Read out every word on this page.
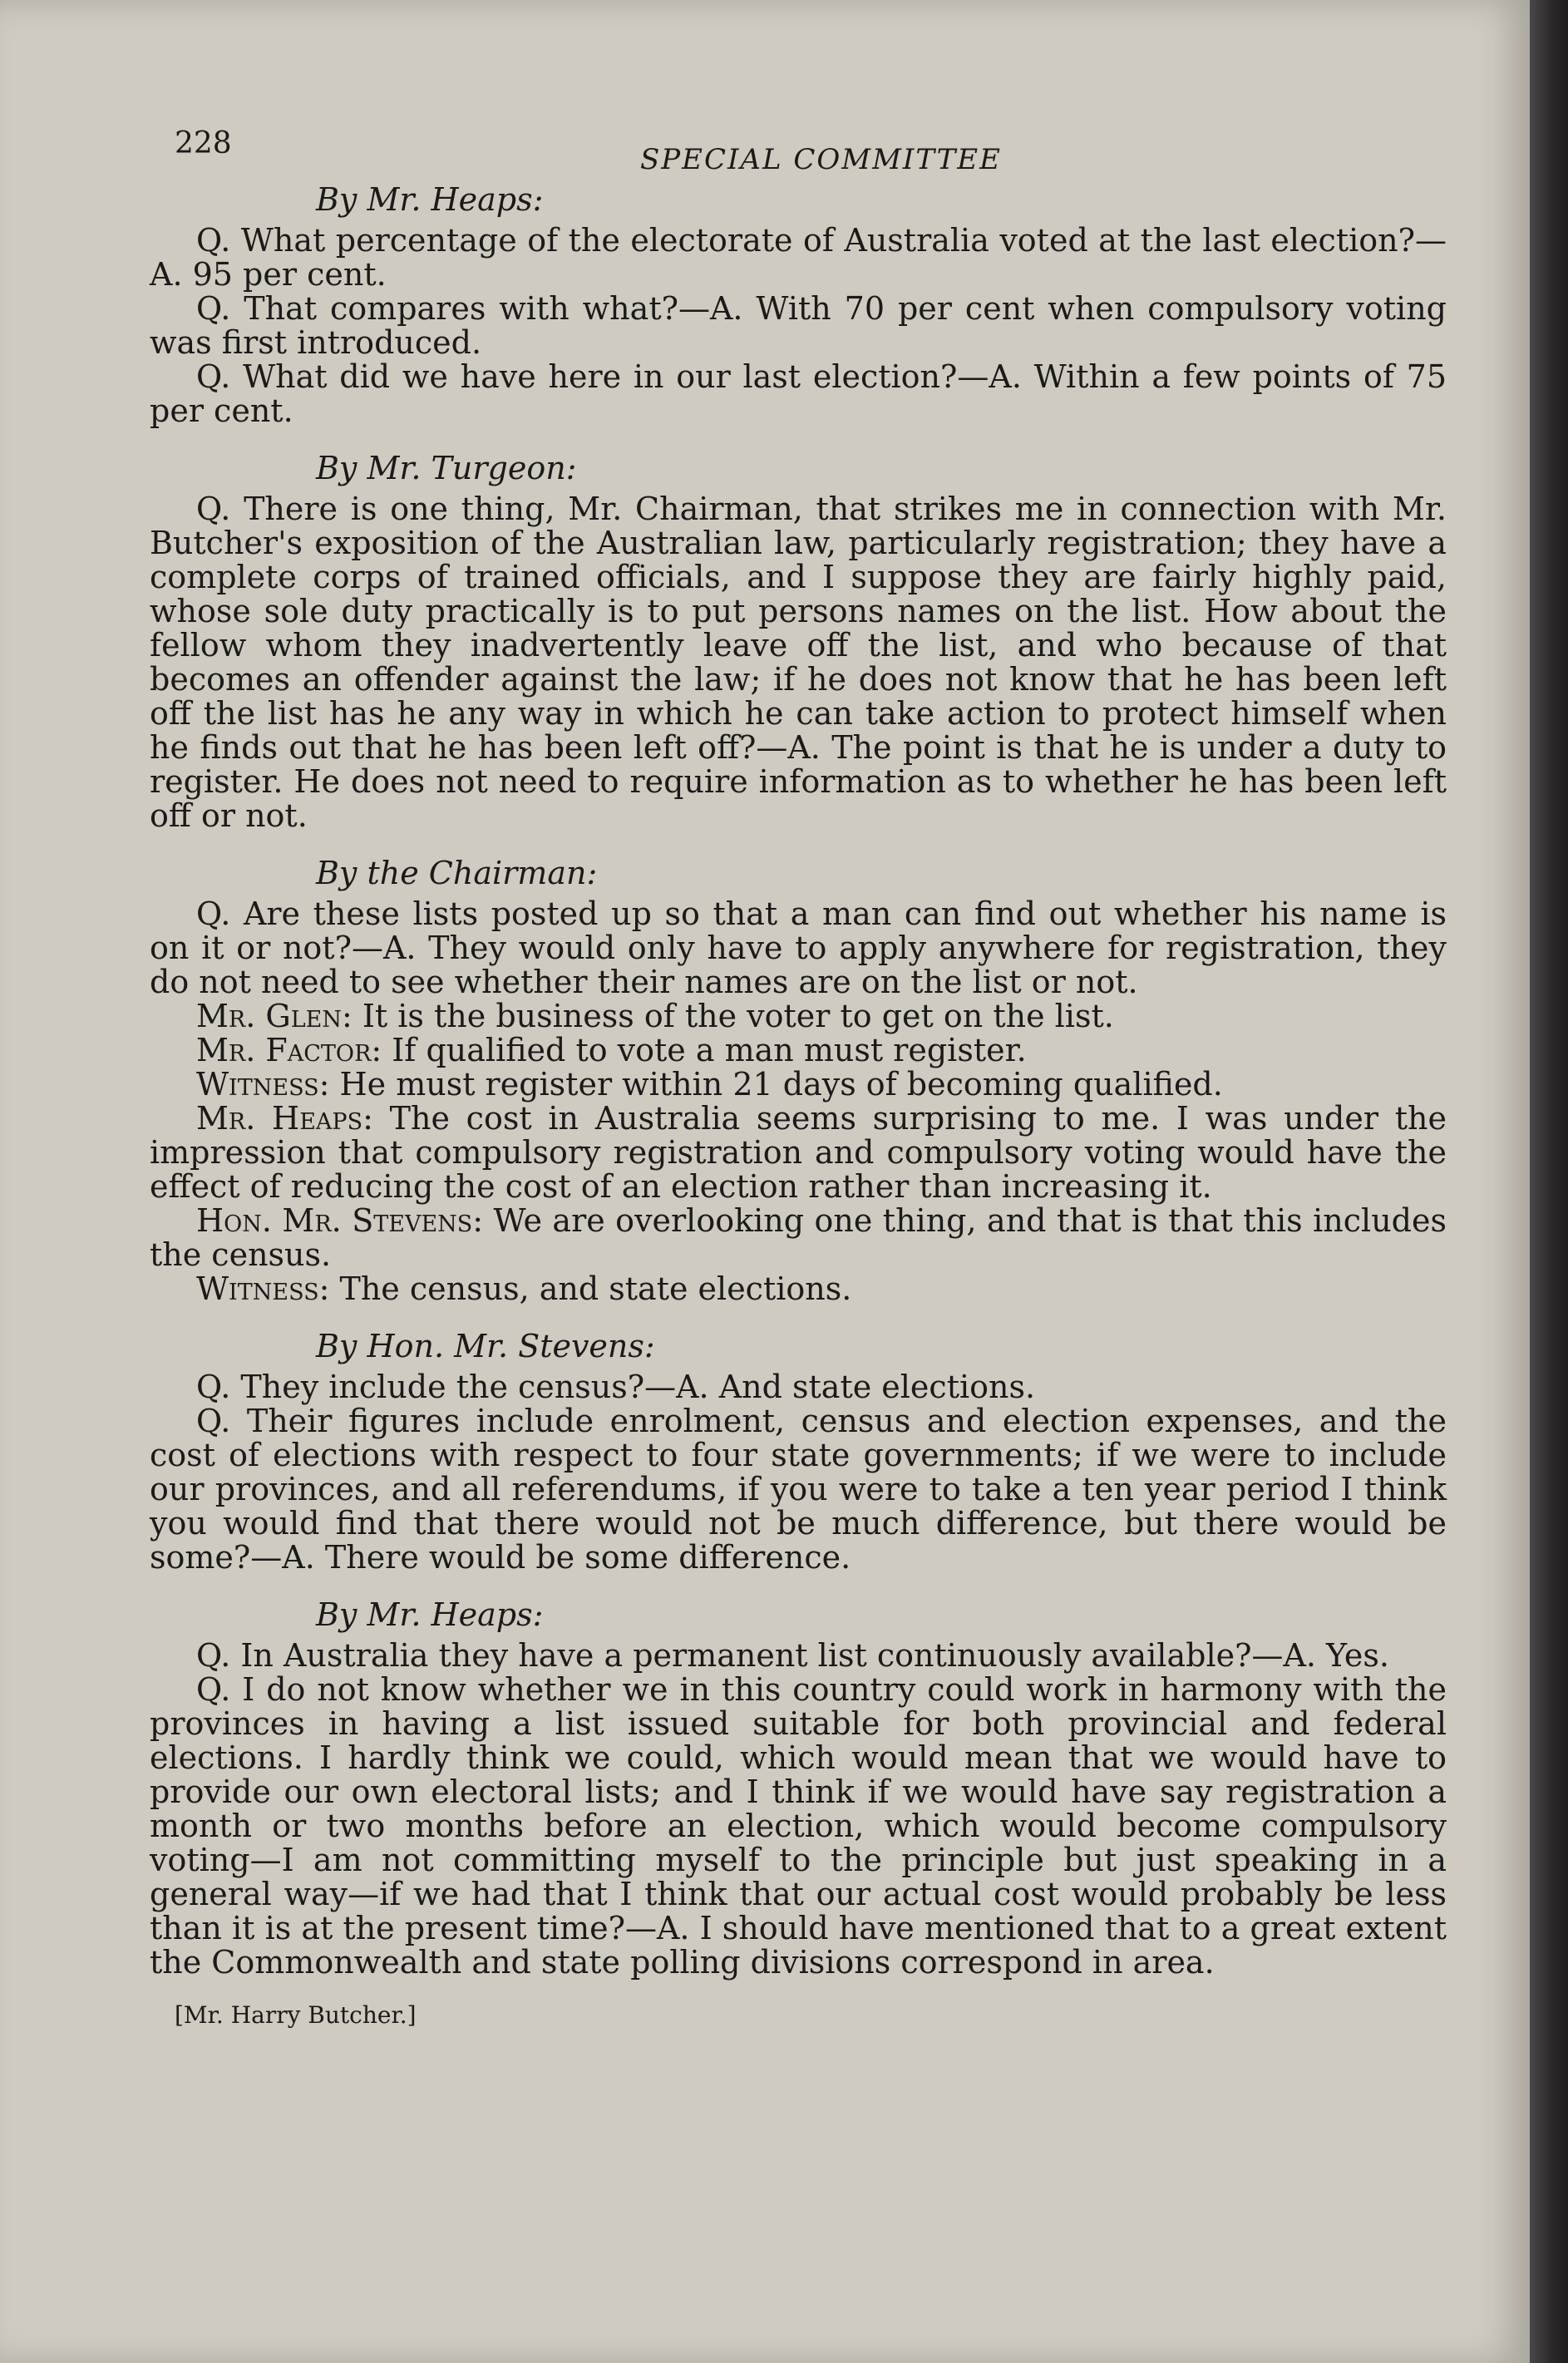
228	SPECIAL COMMITTEE
By Mr. Heaps:

Q. What percentage of the electorate of Australia voted at the last election?—A. 95 per cent.

Q. That compares with what?—A. With 70 per cent when compulsory voting was first introduced.

Q. What did we have here in our last election?—A. Within a few points of 75 per cent.

By Mr. Turgeon:

Q. There is one thing, Mr. Chairman, that strikes me in connection with Mr. Butcher's exposition of the Australian law, particularly registration; they have a complete corps of trained officials, and I suppose they are fairly highly paid, whose sole duty practically is to put persons names on the list. How about the fellow whom they inadvertently leave off the list, and who because of that becomes an offender against the law; if he does not know that he has been left off the list has he any way in which he can take action to protect himself when he finds out that he has been left off?—A. The point is that he is under a duty to register. He does not need to require information as to whether he has been left off or not.

By the Chairman:

Q. Are these lists posted up so that a man can find out whether his name is on it or not?—A. They would only have to apply anywhere for registration, they do not need to see whether their names are on the list or not.

Mr. Glen: It is the business of the voter to get on the list.

Mr. Factor: If qualified to vote a man must register.

Witness: He must register within 21 days of becoming qualified.

Mr. Heaps: The cost in Australia seems surprising to me. I was under the impression that compulsory registration and compulsory voting would have the effect of reducing the cost of an election rather than increasing it.

Hon. Mr. Stevens: We are overlooking one thing, and that is that this includes the census.

Witness: The census, and state elections.

By Hon. Mr. Stevens:

Q. They include the census?—A. And state elections.

Q. Their figures include enrolment, census and election expenses, and the cost of elections with respect to four state governments; if we were to include our provinces, and all referendums, if you were to take a ten year period I think you would find that there would not be much difference, but there would be some?—A. There would be some difference.

By Mr. Heaps:

Q. In Australia they have a permanent list continuously available?—A. Yes.

Q. I do not know whether we in this country could work in harmony with the provinces in having a list issued suitable for both provincial and federal elections. I hardly think we could, which would mean that we would have to provide our own electoral lists; and I think if we would have say registration a month or two months before an election, which would become compulsory voting—I am not committing myself to the principle but just speaking in a general way—if we had that I think that our actual cost would probably be less than it is at the present time?—A. I should have mentioned that to a great extent the Commonwealth and state polling divisions correspond in area.

[Mr. Harry Butcher.]
